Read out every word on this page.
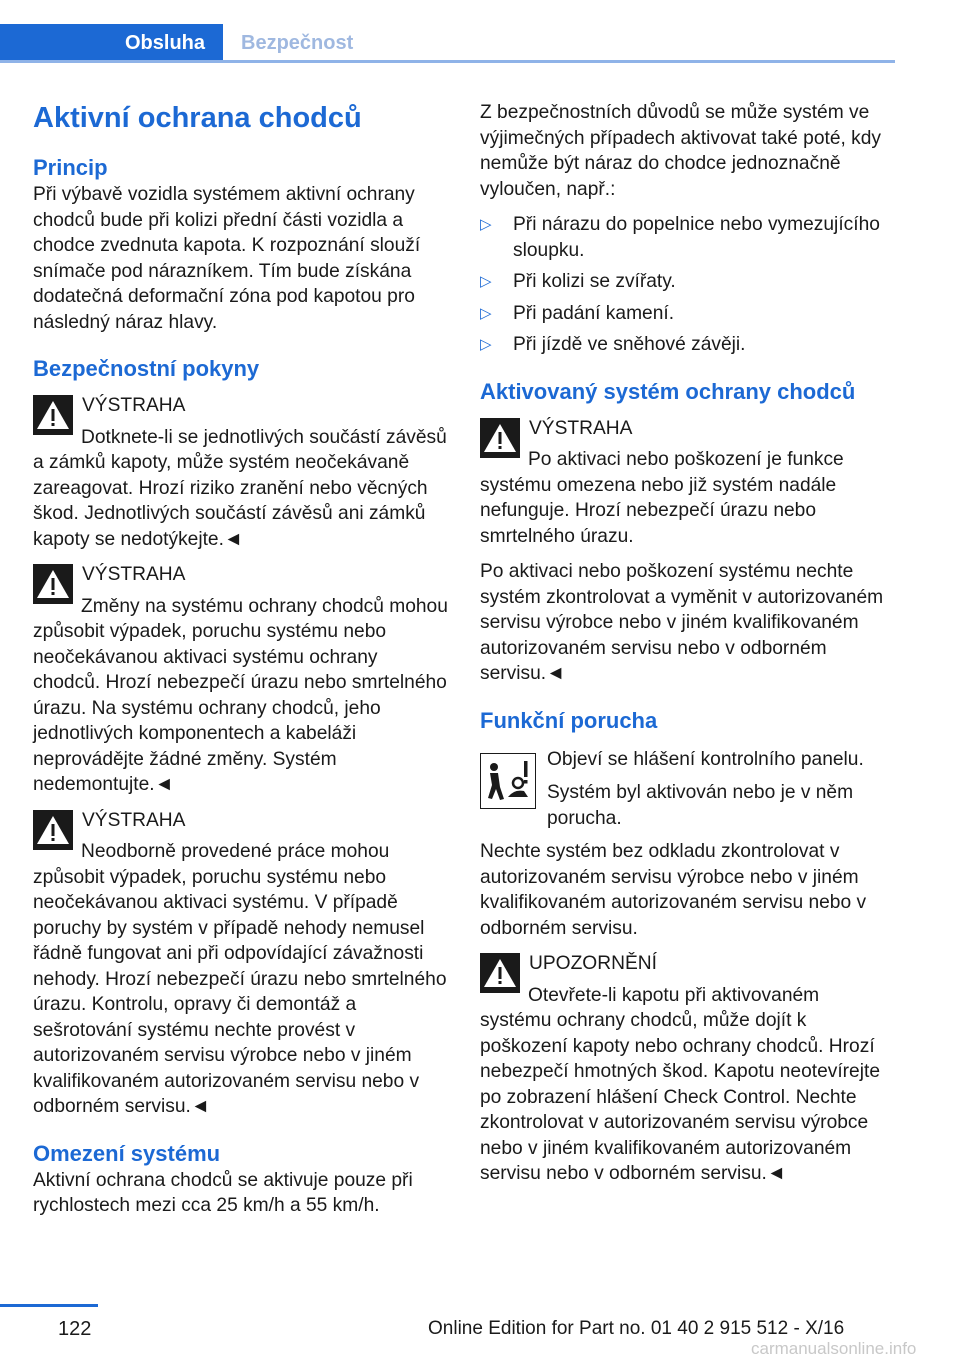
Obsluha	Bezpečnost
Aktivní ochrana chodců
Princip

Při výbavě vozidla systémem aktivní ochrany chodců bude při kolizi přední části vozidla a chodce zvednuta kapota. K rozpoznání slouží snímače pod nárazníkem. Tím bude získána dodatečná deformační zóna pod kapotou pro následný náraz hlavy.

Bezpečnostní pokyny
VÝSTRAHA

Dotknete-li se jednotlivých součástí závěsů a zámků kapoty, může systém neočekávaně zareagovat. Hrozí riziko zranění nebo věcných škod. Jednotlivých součástí závěsů ani zámků kapoty se nedotýkejte.◄

VÝSTRAHA

Změny na systému ochrany chodců mohou způsobit výpadek, poruchu systému nebo neočekávanou aktivaci systému ochrany chodců. Hrozí nebezpečí úrazu nebo smrtelného úrazu. Na systému ochrany chodců, jeho jednotlivých komponentech a kabeláži neprovádějte žádné změny. Systém nedemontujte.◄

VÝSTRAHA

Neodborně provedené práce mohou způsobit výpadek, poruchu systému nebo neočekávanou aktivaci systému. V případě poruchy by systém v případě nehody nemusel řádně fungovat ani při odpovídající závažnosti nehody. Hrozí nebezpečí úrazu nebo smrtelného úrazu. Kontrolu, opravy či demontáž a sešrotování systému nechte provést v autorizovaném servisu výrobce nebo v jiném kvalifikovaném autorizovaném servisu nebo v odborném servisu.◄

Omezení systému

Aktivní ochrana chodců se aktivuje pouze při rychlostech mezi cca 25 km/h a 55 km/h.

Z bezpečnostních důvodů se může systém ve výjimečných případech aktivovat také poté, kdy nemůže být náraz do chodce jednoznačně vyloučen, např.:

▷ Při nárazu do popelnice nebo vymezujícího sloupku.
▷ Při kolizi se zvířaty.
▷ Při padání kamení.
▷ Při jízdě ve sněhové závěji.
Aktivovaný systém ochrany chodců
VÝSTRAHA

Po aktivaci nebo poškození je funkce systému omezena nebo již systém nadále nefunguje. Hrozí nebezpečí úrazu nebo smrtelného úrazu.

Po aktivaci nebo poškození systému nechte systém zkontrolovat a vyměnit v autorizovaném servisu výrobce nebo v jiném kvalifikovaném autorizovaném servisu nebo v odborném servisu.◄

Funkční porucha

Objeví se hlášení kontrolního panelu.

Systém byl aktivován nebo je v něm porucha.

Nechte systém bez odkladu zkontrolovat v autorizovaném servisu výrobce nebo v jiném kvalifikovaném autorizovaném servisu nebo v odborném servisu.

UPOZORNĚNÍ

Otevřete-li kapotu při aktivovaném systému ochrany chodců, může dojít k poškození kapoty nebo ochrany chodců. Hrozí nebezpečí hmotných škod. Kapotu neotevírejte po zobrazení hlášení Check Control. Nechte zkontrolovat v autorizovaném servisu výrobce nebo v jiném kvalifikovaném autorizovaném servisu nebo v odborném servisu.◄

122	Online Edition for Part no. 01 40 2 915 512 - X/16
carmanualsonline.info
